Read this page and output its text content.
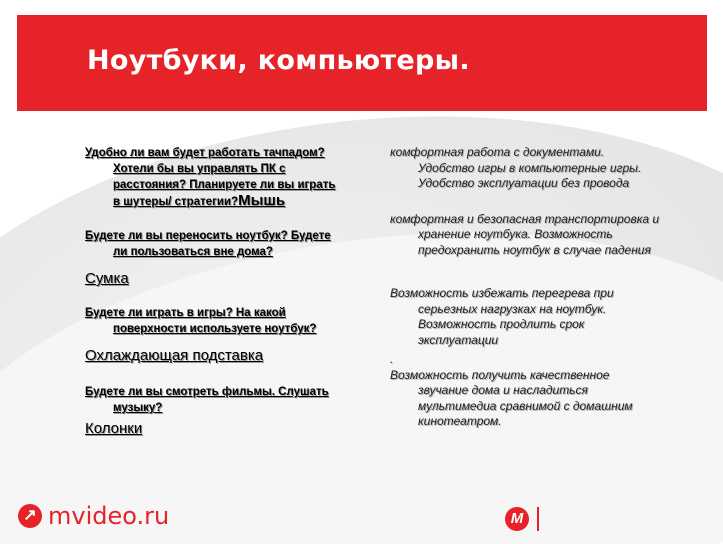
Ноутбуки, компьютеры.
Удобно ли вам будет работать тачпадом? Хотели бы вы управлять ПК с расстояния? Планируете ли вы играть в шутеры/ стратегии?Мышь
Будете ли вы переносить ноутбук? Будете ли пользоваться вне дома?
Сумка
Будете ли играть в игры? На какой поверхности используете ноутбук?
Охлаждающая подставка
Будете ли вы смотреть фильмы. Слушать музыку?
Колонки
комфортная работа с документами. Удобство игры в компьютерные игры. Удобство эксплуатации без провода
комфортная и безопасная транспортировка и хранение ноутбука. Возможность предохранить ноутбук в случае падения
Возможность избежать перегрева при серьезных нагрузках на ноутбук. Возможность продлить срок эксплуатации
.
Возможность получить качественное звучание дома и насладиться мультимедиа сравнимой с домашним кинотеатром.
↗ mvideo.ru	М
